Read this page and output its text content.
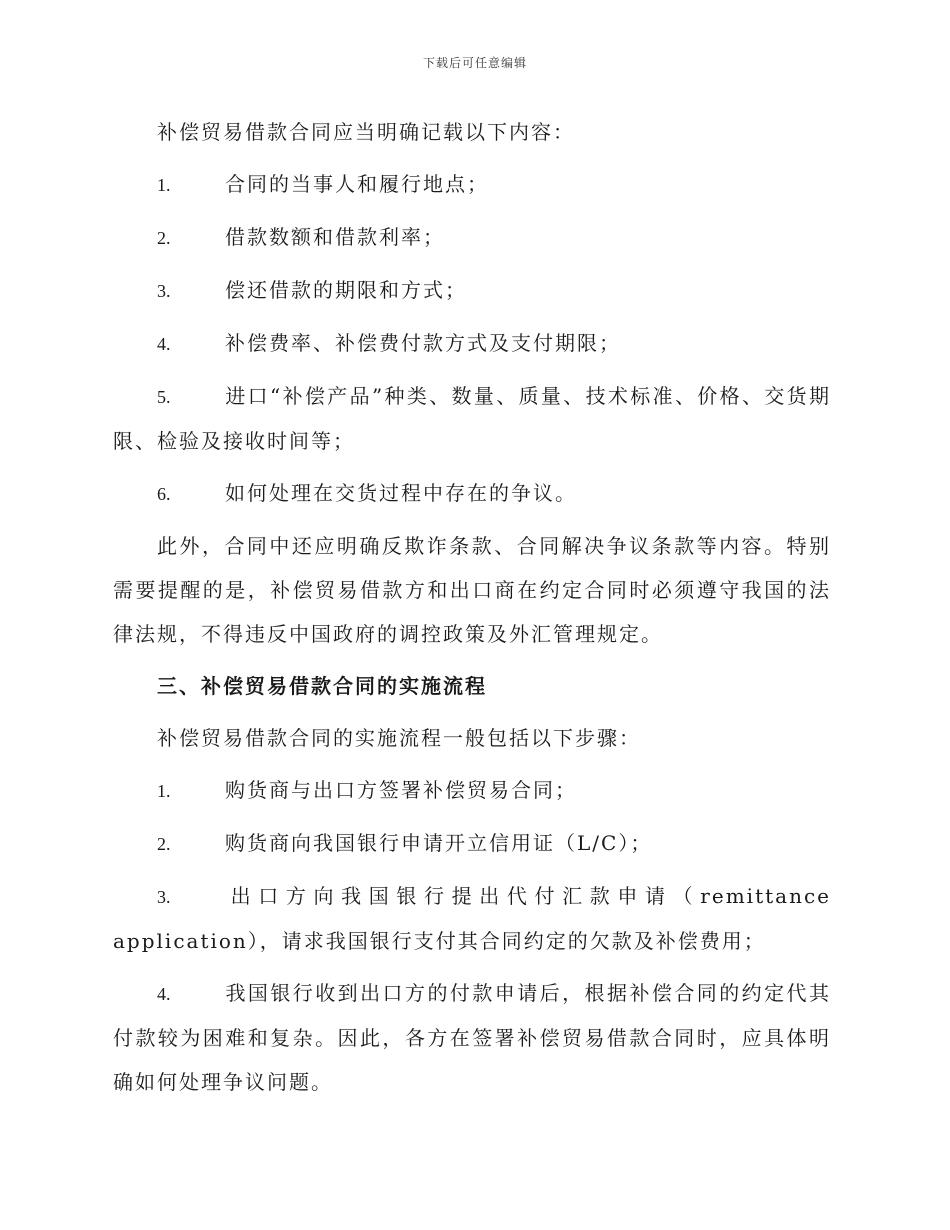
下载后可任意编辑

补偿贸易借款合同应当明确记载以下内容：

1.	合同的当事人和履行地点；

2.	借款数额和借款利率；

3.	偿还借款的期限和方式；

4.	补偿费率、补偿费付款方式及支付期限；

5.	进口“补偿产品”种类、数量、质量、技术标准、价格、交货期限、检验及接收时间等；

6.	如何处理在交货过程中存在的争议。

此外，合同中还应明确反欺诈条款、合同解决争议条款等内容。特别需要提醒的是，补偿贸易借款方和出口商在约定合同时必须遵守我国的法律法规，不得违反中国政府的调控政策及外汇管理规定。

三、补偿贸易借款合同的实施流程

补偿贸易借款合同的实施流程一般包括以下步骤：

1.	购货商与出口方签署补偿贸易合同；

2.	购货商向我国银行申请开立信用证（L/C）；

3.	出口方向我国银行提出代付汇款申请（remittance application），请求我国银行支付其合同约定的欠款及补偿费用；

4.	我国银行收到出口方的付款申请后，根据补偿合同的约定代其付款较为困难和复杂。因此，各方在签署补偿贸易借款合同时，应具体明确如何处理争议问题。
